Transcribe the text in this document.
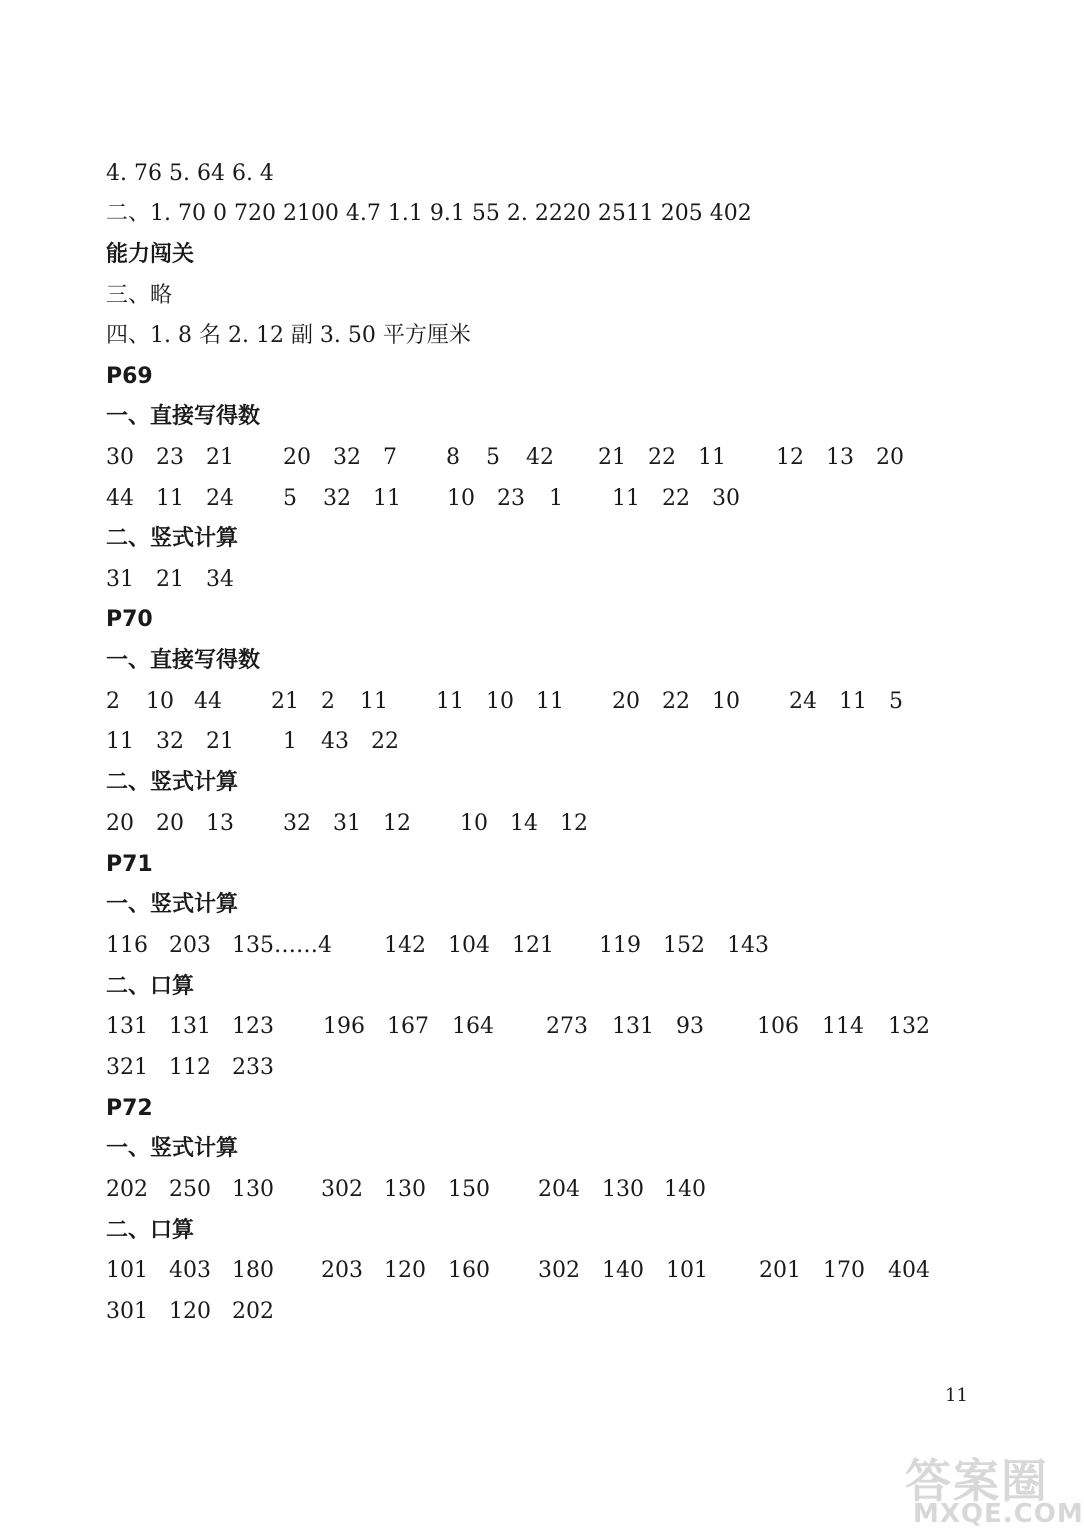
11
答案圈
MXQE.COM
4. 76 5. 64 6. 4
二、1. 70 0 720 2100 4.7 1.1 9.1 55 2. 2220 2511 205 402
能力闯关
三、略
四、1. 8 名 2. 12 副 3. 50 平方厘米
P69
一、直接写得数
30 23 21 20 32 7 8 5 42 21 22 11 12 13 20
44 11 24 5 32 11 10 23 1 11 22 30
二、竖式计算
31 21 34
P70
一、直接写得数
2 10 44 21 2 11 11 10 11 20 22 10 24 11 5
11 32 21 1 43 22
二、竖式计算
20 20 13 32 31 12 10 14 12
P71
一、竖式计算
116 203 135……4 142 104 121 119 152 143
二、口算
131 131 123 196 167 164 273 131 93 106 114 132
321 112 233
P72
一、竖式计算
202 250 130 302 130 150 204 130 140
二、口算
101 403 180 203 120 160 302 140 101 201 170 404
301 120 202
